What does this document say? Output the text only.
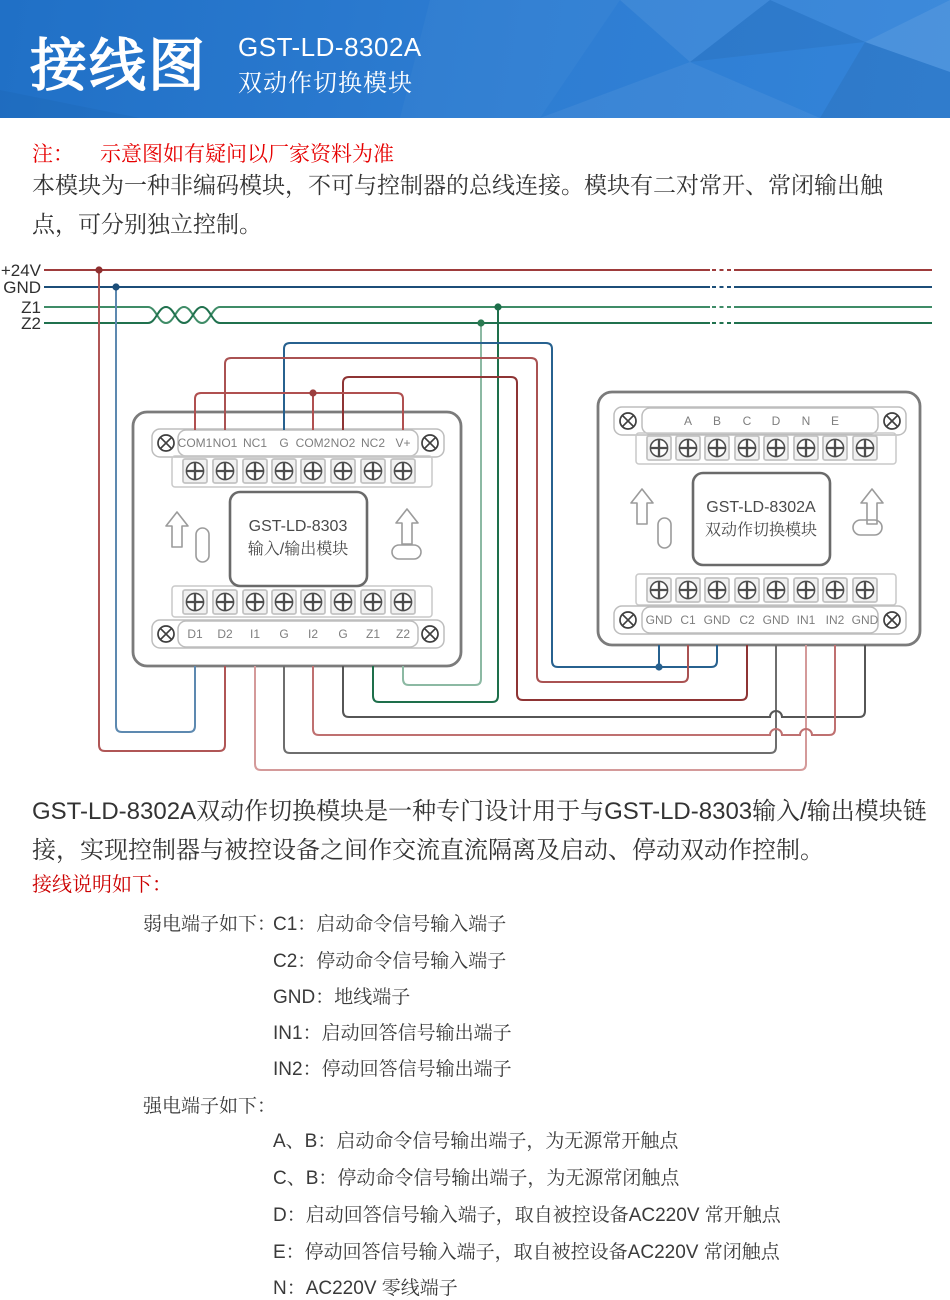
接线图 GST-LD-8302A
双动作切换模块
注： 示意图如有疑问以厂家资料为准
本模块为一种非编码模块，不可与控制器的总线连接。模块有二对常开、常闭输出触点，可分别独立控制。
+24V
GND
Z1
Z2
COM1 NO1 NC1 G COM2 NO2 NC2 V+
D1 D2 I1 G I2 G Z1 Z2
GST-LD-8303
输入/输出模块
A B C D N E
GND C1 GND C2 GND IN1 IN2 GND
GST-LD-8302A
双动作切换模块
GST-LD-8302A双动作切换模块是一种专门设计用于与GST-LD-8303输入/输出模块链接，实现控制器与被控设备之间作交流直流隔离及启动、停动双动作控制。
接线说明如下：
弱电端子如下：
C1：启动命令信号输入端子
C2：停动命令信号输入端子
GND：地线端子
IN1：启动回答信号输出端子
IN2：停动回答信号输出端子
强电端子如下：
A、B：启动命令信号输出端子，为无源常开触点
C、B：停动命令信号输出端子，为无源常闭触点
D：启动回答信号输入端子，取自被控设备AC220V 常开触点
E：停动回答信号输入端子，取自被控设备AC220V 常闭触点
N：AC220V 零线端子
